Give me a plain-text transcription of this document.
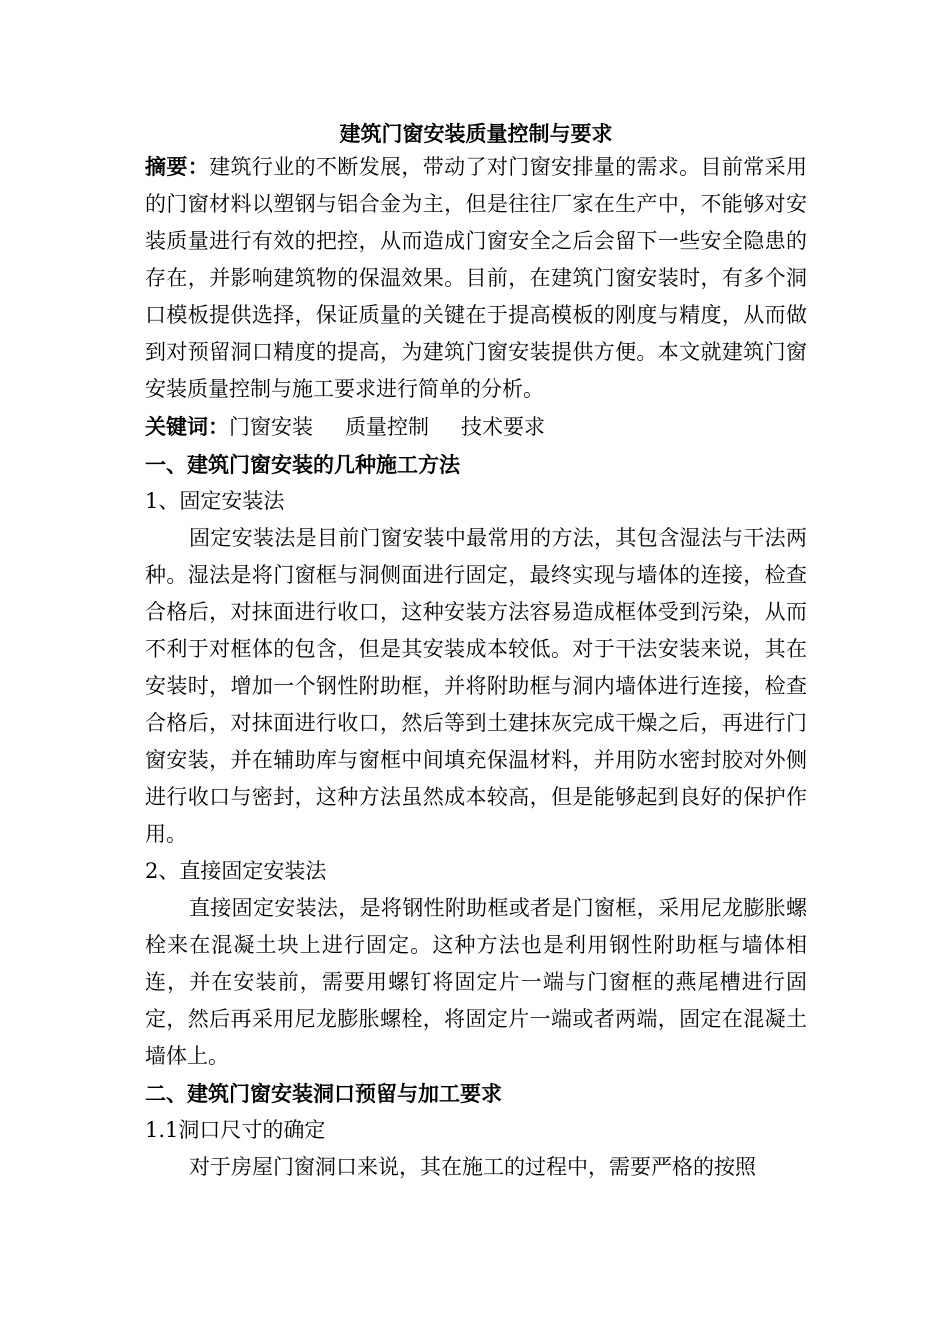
建筑门窗安装质量控制与要求

摘要：建筑行业的不断发展，带动了对门窗安排量的需求。目前常采用的门窗材料以塑钢与铝合金为主，但是往往厂家在生产中，不能够对安装质量进行有效的把控，从而造成门窗安全之后会留下一些安全隐患的存在，并影响建筑物的保温效果。目前，在建筑门窗安装时，有多个洞口模板提供选择，保证质量的关键在于提高模板的刚度与精度，从而做到对预留洞口精度的提高，为建筑门窗安装提供方便。本文就建筑门窗安装质量控制与施工要求进行简单的分析。

关键词：门窗安装 质量控制 技术要求

一、建筑门窗安装的几种施工方法

1、固定安装法

固定安装法是目前门窗安装中最常用的方法，其包含湿法与干法两种。湿法是将门窗框与洞侧面进行固定，最终实现与墙体的连接，检查合格后，对抹面进行收口，这种安装方法容易造成框体受到污染，从而不利于对框体的包含，但是其安装成本较低。对于干法安装来说，其在安装时，增加一个钢性附助框，并将附助框与洞内墙体进行连接，检查合格后，对抹面进行收口，然后等到土建抹灰完成干燥之后，再进行门窗安装，并在辅助库与窗框中间填充保温材料，并用防水密封胶对外侧进行收口与密封，这种方法虽然成本较高，但是能够起到良好的保护作用。

2、直接固定安装法

直接固定安装法，是将钢性附助框或者是门窗框，采用尼龙膨胀螺栓来在混凝土块上进行固定。这种方法也是利用钢性附助框与墙体相连，并在安装前，需要用螺钉将固定片一端与门窗框的燕尾槽进行固定，然后再采用尼龙膨胀螺栓，将固定片一端或者两端，固定在混凝土墙体上。

二、建筑门窗安装洞口预留与加工要求

1.1洞口尺寸的确定

对于房屋门窗洞口来说，其在施工的过程中，需要严格的按照
